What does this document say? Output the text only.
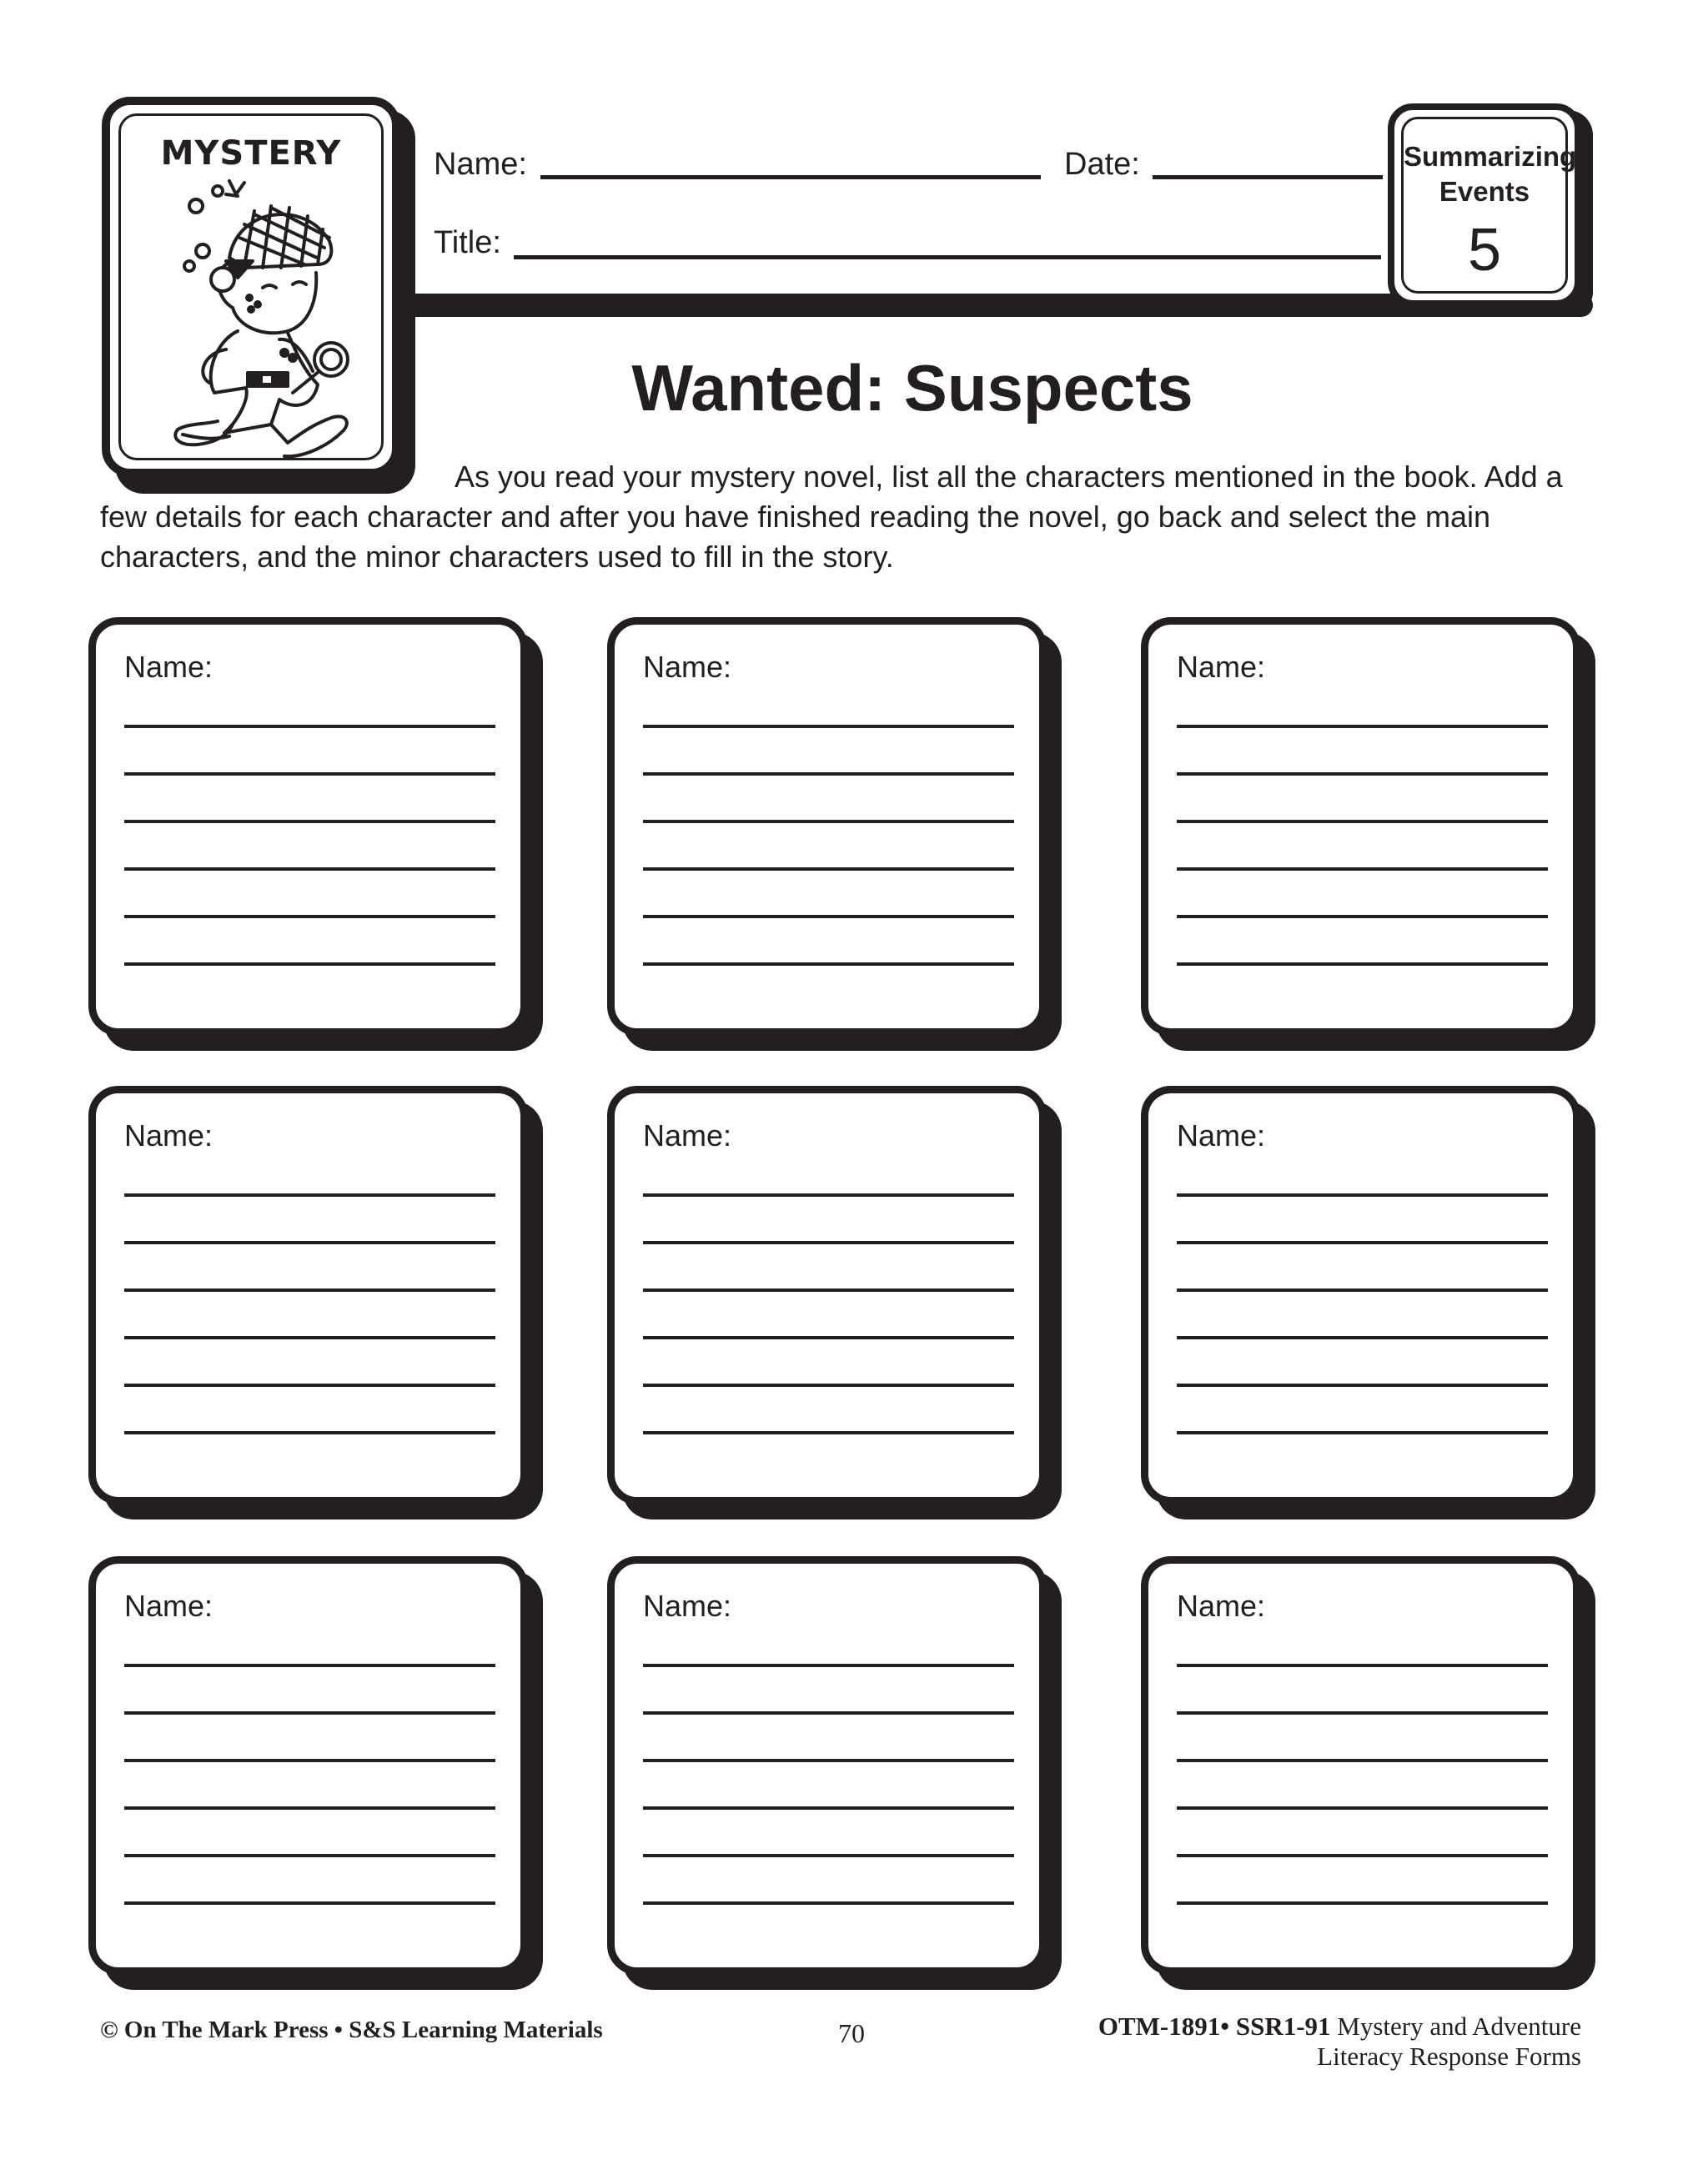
MYSTERY	Name:	Date:
Title:
Summarizing
Events
5
Wanted: Suspects
As you read your mystery novel, list all the characters mentioned in the book. Add a few details for each character and after you have finished reading the novel, go back and select the main characters, and the minor characters used to fill in the story.
Name:	Name:	Name:
Name:	Name:	Name:
Name:	Name:	Name:
© On The Mark Press • S&S Learning Materials	70	OTM-1891• SSR1-91 Mystery and Adventure
Literacy Response Forms
